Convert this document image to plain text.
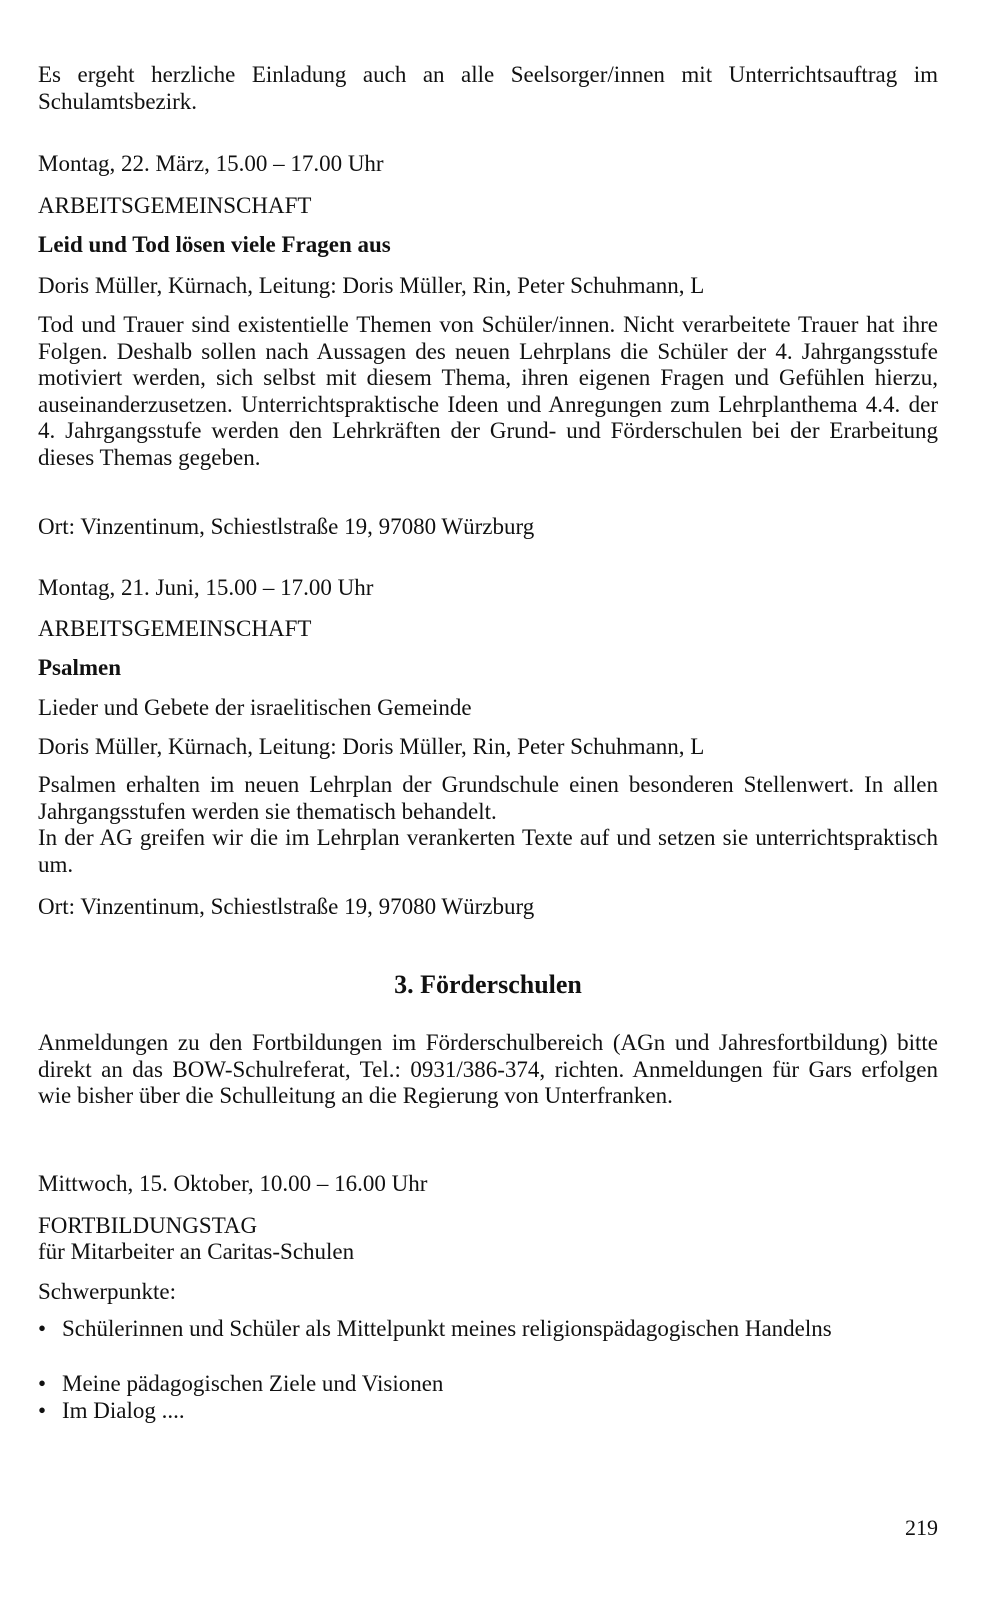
Es ergeht herzliche Einladung auch an alle Seelsorger/innen mit Unterrichtsauftrag im Schulamtsbezirk.
Montag, 22. März, 15.00 – 17.00 Uhr
ARBEITSGEMEINSCHAFT
Leid und Tod lösen viele Fragen aus
Doris Müller, Kürnach, Leitung: Doris Müller, Rin, Peter Schuhmann, L
Tod und Trauer sind existentielle Themen von Schüler/innen. Nicht verarbeitete Trauer hat ihre Folgen. Deshalb sollen nach Aussagen des neuen Lehrplans die Schüler der 4. Jahrgangsstufe motiviert werden, sich selbst mit diesem Thema, ihren eigenen Fragen und Gefühlen hierzu, auseinanderzusetzen. Unterrichtspraktische Ideen und Anregungen zum Lehrplanthema 4.4. der 4. Jahrgangsstufe werden den Lehrkräften der Grund- und Förderschulen bei der Erarbeitung dieses Themas gegeben.
Ort: Vinzentinum, Schiestlstraße 19, 97080 Würzburg
Montag, 21. Juni, 15.00 – 17.00 Uhr
ARBEITSGEMEINSCHAFT
Psalmen
Lieder und Gebete der israelitischen Gemeinde
Doris Müller, Kürnach, Leitung: Doris Müller, Rin, Peter Schuhmann, L
Psalmen erhalten im neuen Lehrplan der Grundschule einen besonderen Stellenwert. In allen Jahrgangsstufen werden sie thematisch behandelt.
In der AG greifen wir die im Lehrplan verankerten Texte auf und setzen sie unterrichtspraktisch um.
Ort: Vinzentinum, Schiestlstraße 19, 97080 Würzburg
3. Förderschulen
Anmeldungen zu den Fortbildungen im Förderschulbereich (AGn und Jahresfortbildung) bitte direkt an das BOW-Schulreferat, Tel.: 0931/386-374, richten. Anmeldungen für Gars erfolgen wie bisher über die Schulleitung an die Regierung von Unterfranken.
Mittwoch, 15. Oktober, 10.00 – 16.00 Uhr
FORTBILDUNGSTAG
für Mitarbeiter an Caritas-Schulen
Schwerpunkte:
• Schülerinnen und Schüler als Mittelpunkt meines religionspädagogischen Handelns
• Meine pädagogischen Ziele und Visionen
• Im Dialog ....
219
